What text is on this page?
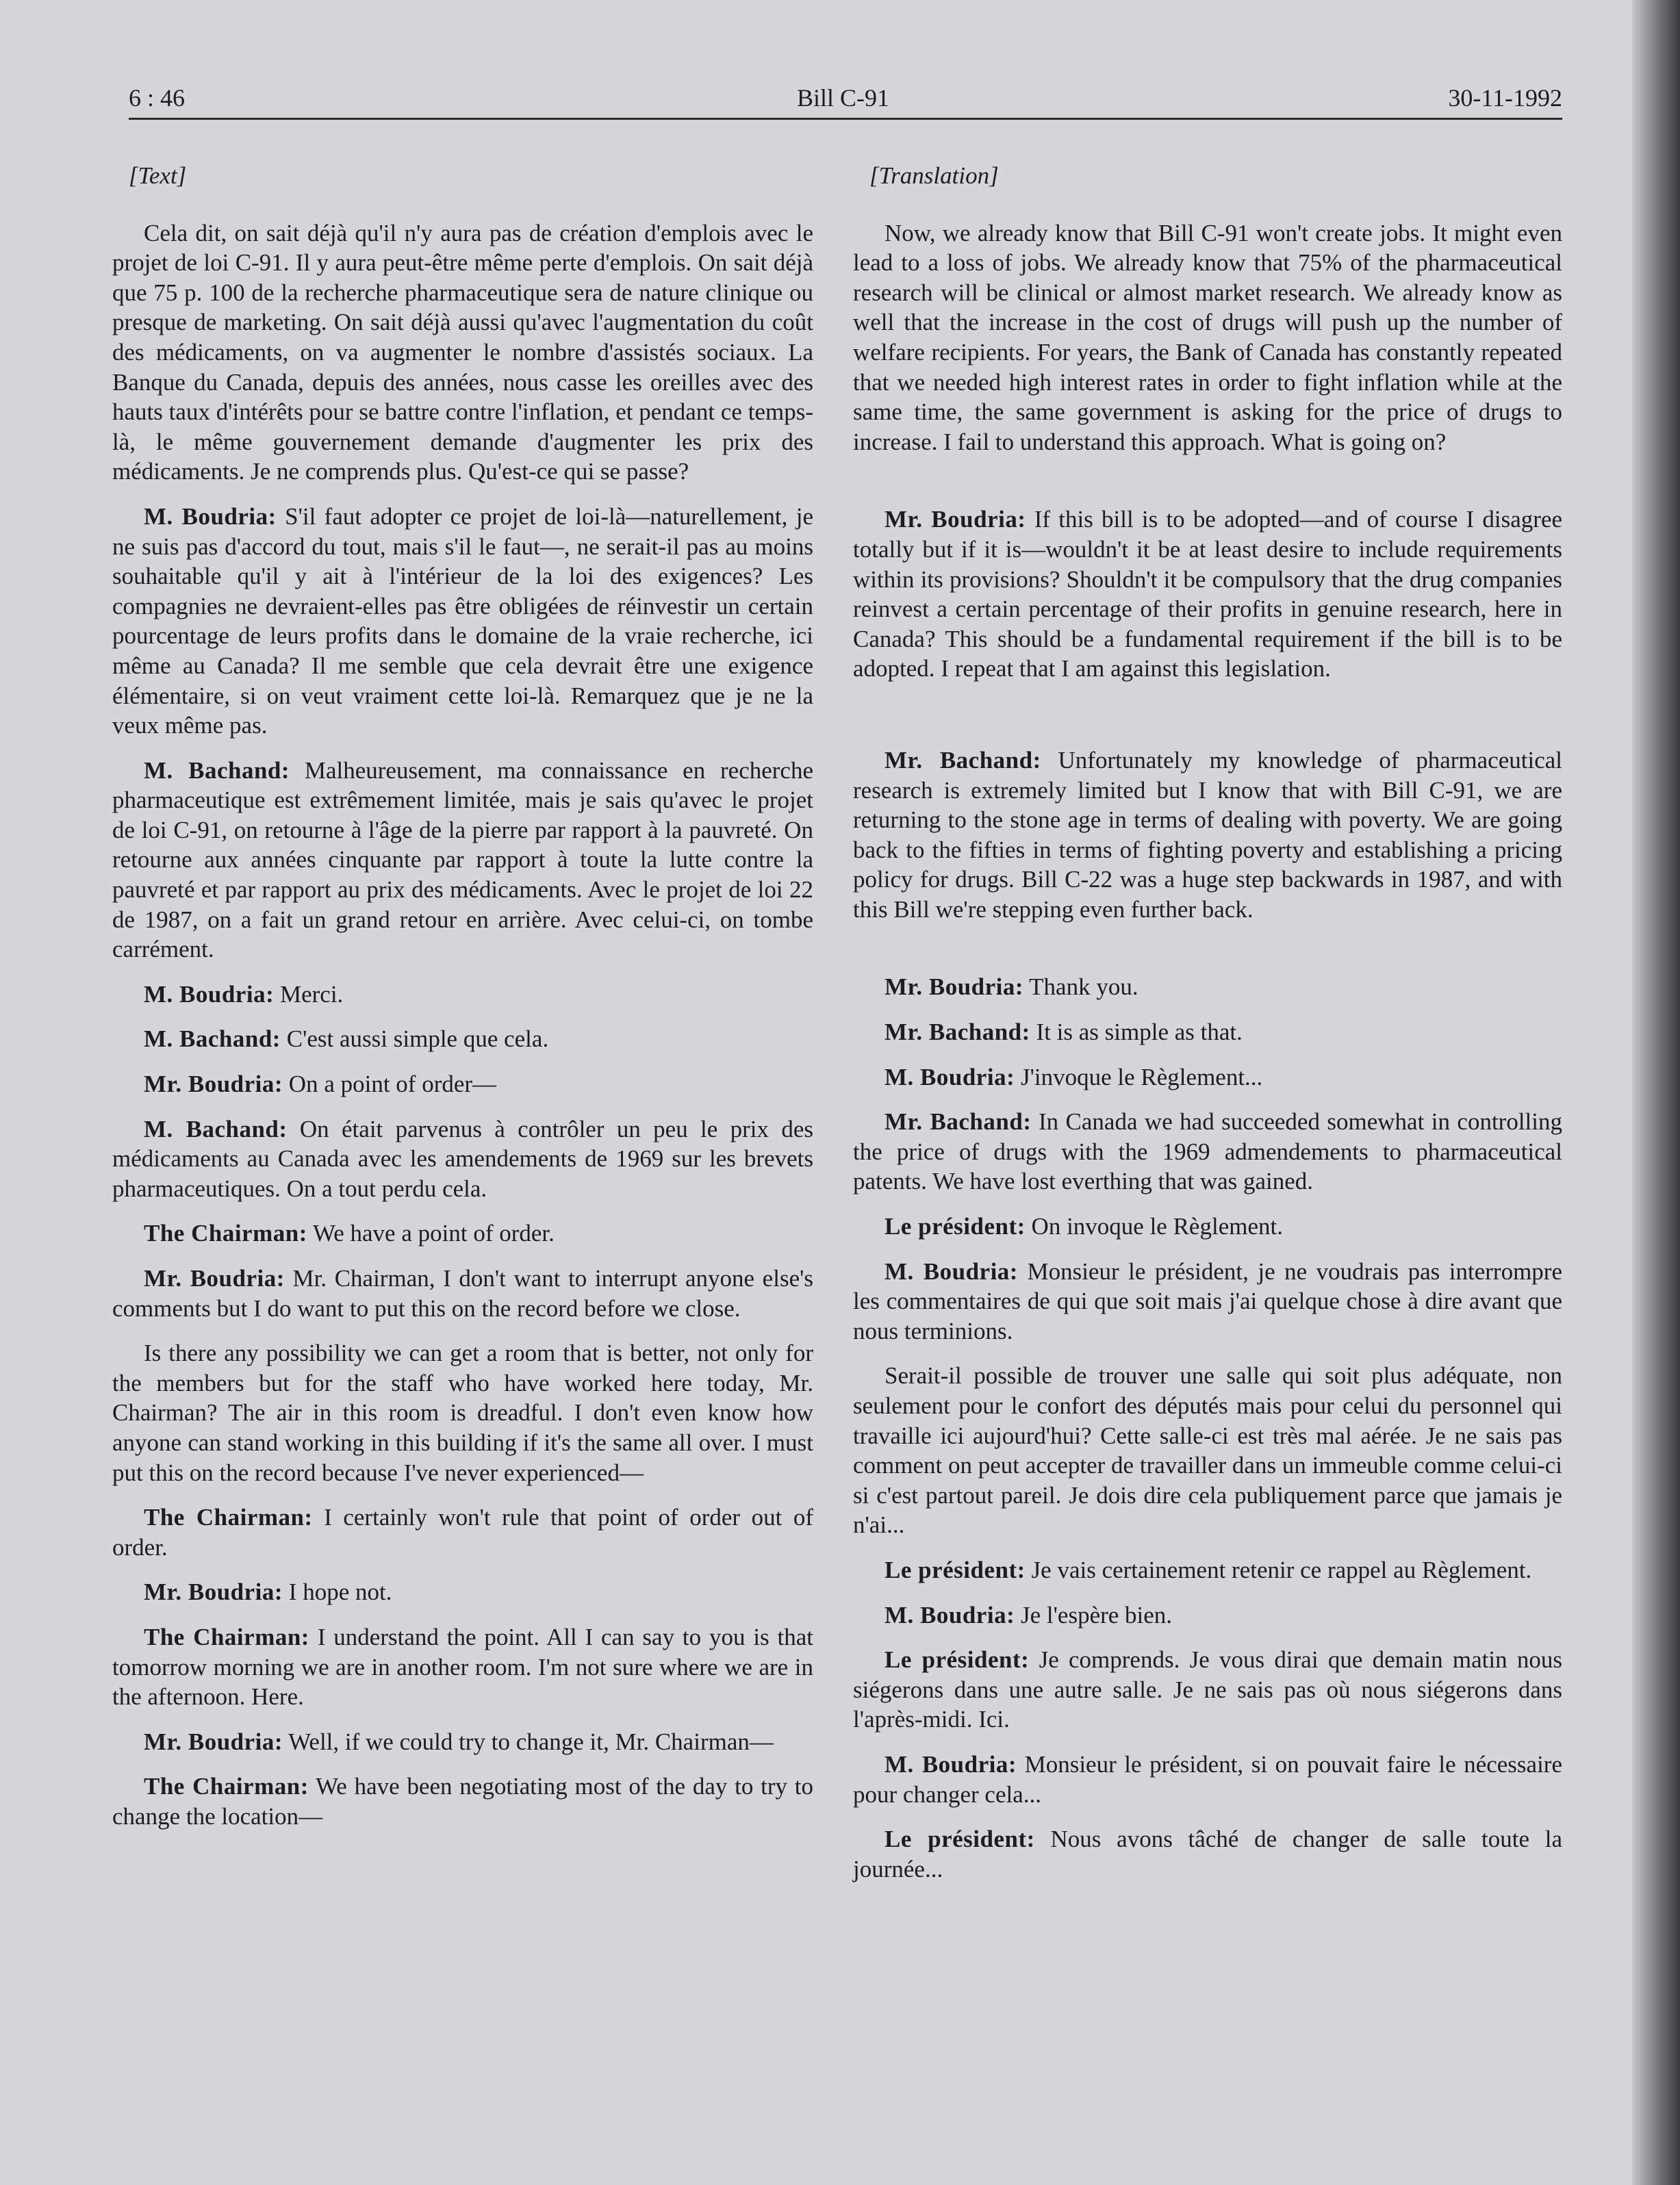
6 : 46	Bill C-91	30-11-1992

[Text]

Cela dit, on sait déjà qu'il n'y aura pas de création d'emplois avec le projet de loi C-91. Il y aura peut-être même perte d'emplois. On sait déjà que 75 p. 100 de la recherche pharmaceutique sera de nature clinique ou presque de marketing. On sait déjà aussi qu'avec l'augmentation du coût des médicaments, on va augmenter le nombre d'assistés sociaux. La Banque du Canada, depuis des années, nous casse les oreilles avec des hauts taux d'intérêts pour se battre contre l'inflation, et pendant ce temps-là, le même gouvernement demande d'augmenter les prix des médicaments. Je ne comprends plus. Qu'est-ce qui se passe?

M. Boudria: S'il faut adopter ce projet de loi-là—naturellement, je ne suis pas d'accord du tout, mais s'il le faut—, ne serait-il pas au moins souhaitable qu'il y ait à l'intérieur de la loi des exigences? Les compagnies ne devraient-elles pas être obligées de réinvestir un certain pourcentage de leurs profits dans le domaine de la vraie recherche, ici même au Canada? Il me semble que cela devrait être une exigence élémentaire, si on veut vraiment cette loi-là. Remarquez que je ne la veux même pas.

M. Bachand: Malheureusement, ma connaissance en recherche pharmaceutique est extrêmement limitée, mais je sais qu'avec le projet de loi C-91, on retourne à l'âge de la pierre par rapport à la pauvreté. On retourne aux années cinquante par rapport à toute la lutte contre la pauvreté et par rapport au prix des médicaments. Avec le projet de loi 22 de 1987, on a fait un grand retour en arrière. Avec celui-ci, on tombe carrément.

M. Boudria: Merci.

M. Bachand: C'est aussi simple que cela.

Mr. Boudria: On a point of order—

M. Bachand: On était parvenus à contrôler un peu le prix des médicaments au Canada avec les amendements de 1969 sur les brevets pharmaceutiques. On a tout perdu cela.

The Chairman: We have a point of order.

Mr. Boudria: Mr. Chairman, I don't want to interrupt anyone else's comments but I do want to put this on the record before we close.

Is there any possibility we can get a room that is better, not only for the members but for the staff who have worked here today, Mr. Chairman? The air in this room is dreadful. I don't even know how anyone can stand working in this building if it's the same all over. I must put this on the record because I've never experienced—

The Chairman: I certainly won't rule that point of order out of order.

Mr. Boudria: I hope not.

The Chairman: I understand the point. All I can say to you is that tomorrow morning we are in another room. I'm not sure where we are in the afternoon. Here.

Mr. Boudria: Well, if we could try to change it, Mr. Chairman—

The Chairman: We have been negotiating most of the day to try to change the location—

[Translation]

Now, we already know that Bill C-91 won't create jobs. It might even lead to a loss of jobs. We already know that 75% of the pharmaceutical research will be clinical or almost market research. We already know as well that the increase in the cost of drugs will push up the number of welfare recipients. For years, the Bank of Canada has constantly repeated that we needed high interest rates in order to fight inflation while at the same time, the same government is asking for the price of drugs to increase. I fail to understand this approach. What is going on?

Mr. Boudria: If this bill is to be adopted—and of course I disagree totally but if it is—wouldn't it be at least desire to include requirements within its provisions? Shouldn't it be compulsory that the drug companies reinvest a certain percentage of their profits in genuine research, here in Canada? This should be a fundamental requirement if the bill is to be adopted. I repeat that I am against this legislation.

Mr. Bachand: Unfortunately my knowledge of pharmaceutical research is extremely limited but I know that with Bill C-91, we are returning to the stone age in terms of dealing with poverty. We are going back to the fifties in terms of fighting poverty and establishing a pricing policy for drugs. Bill C-22 was a huge step backwards in 1987, and with this Bill we're stepping even further back.

Mr. Boudria: Thank you.

Mr. Bachand: It is as simple as that.

M. Boudria: J'invoque le Règlement...

Mr. Bachand: In Canada we had succeeded somewhat in controlling the price of drugs with the 1969 admendements to pharmaceutical patents. We have lost everthing that was gained.

Le président: On invoque le Règlement.

M. Boudria: Monsieur le président, je ne voudrais pas interrompre les commentaires de qui que soit mais j'ai quelque chose à dire avant que nous terminions.

Serait-il possible de trouver une salle qui soit plus adéquate, non seulement pour le confort des députés mais pour celui du personnel qui travaille ici aujourd'hui? Cette salle-ci est très mal aérée. Je ne sais pas comment on peut accepter de travailler dans un immeuble comme celui-ci si c'est partout pareil. Je dois dire cela publiquement parce que jamais je n'ai...

Le président: Je vais certainement retenir ce rappel au Règlement.

M. Boudria: Je l'espère bien.

Le président: Je comprends. Je vous dirai que demain matin nous siégerons dans une autre salle. Je ne sais pas où nous siégerons dans l'après-midi. Ici.

M. Boudria: Monsieur le président, si on pouvait faire le nécessaire pour changer cela...

Le président: Nous avons tâché de changer de salle toute la journée...
